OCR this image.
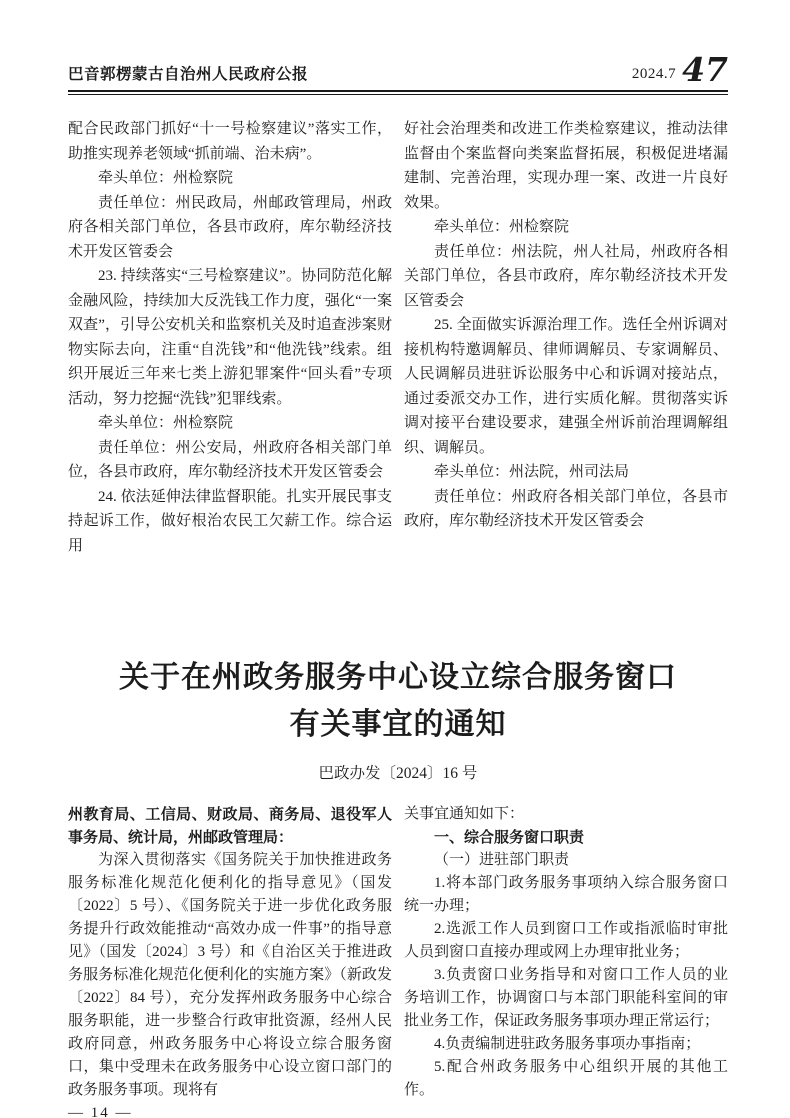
巴音郭楞蒙古自治州人民政府公报	2024.7 47

配合民政部门抓好“十一号检察建议”落实工作，助推实现养老领域“抓前端、治未病”。

牵头单位：州检察院

责任单位：州民政局，州邮政管理局，州政府各相关部门单位，各县市政府，库尔勒经济技术开发区管委会

23. 持续落实“三号检察建议”。协同防范化解金融风险，持续加大反洗钱工作力度，强化“一案双查”，引导公安机关和监察机关及时追查涉案财物实际去向，注重“自洗钱”和“他洗钱”线索。组织开展近三年来七类上游犯罪案件“回头看”专项活动，努力挖掘“洗钱”犯罪线索。

牵头单位：州检察院

责任单位：州公安局，州政府各相关部门单位，各县市政府，库尔勒经济技术开发区管委会

24. 依法延伸法律监督职能。扎实开展民事支持起诉工作，做好根治农民工欠薪工作。综合运用

好社会治理类和改进工作类检察建议，推动法律监督由个案监督向类案监督拓展，积极促进堵漏建制、完善治理，实现办理一案、改进一片良好效果。

牵头单位：州检察院

责任单位：州法院，州人社局，州政府各相关部门单位，各县市政府，库尔勒经济技术开发区管委会

25. 全面做实诉源治理工作。选任全州诉调对接机构特邀调解员、律师调解员、专家调解员、人民调解员进驻诉讼服务中心和诉调对接站点，通过委派交办工作，进行实质化解。贯彻落实诉调对接平台建设要求，建强全州诉前治理调解组织、调解员。

牵头单位：州法院，州司法局

责任单位：州政府各相关部门单位，各县市政府，库尔勒经济技术开发区管委会

关于在州政务服务中心设立综合服务窗口
有关事宜的通知
巴政办发〔2024〕16 号

州教育局、工信局、财政局、商务局、退役军人事务局、统计局，州邮政管理局：

为深入贯彻落实《国务院关于加快推进政务服务标准化规范化便利化的指导意见》（国发〔2022〕5 号）、《国务院关于进一步优化政务服务提升行政效能推动“高效办成一件事”的指导意见》（国发〔2024〕3 号）和《自治区关于推进政务服务标准化规范化便利化的实施方案》（新政发〔2022〕84 号），充分发挥州政务服务中心综合服务职能，进一步整合行政审批资源，经州人民政府同意，州政务服务中心将设立综合服务窗口，集中受理未在政务服务中心设立窗口部门的政务服务事项。现将有

关事宜通知如下：

一、综合服务窗口职责

（一）进驻部门职责

1.将本部门政务服务事项纳入综合服务窗口统一办理；

2.选派工作人员到窗口工作或指派临时审批人员到窗口直接办理或网上办理审批业务；

3.负责窗口业务指导和对窗口工作人员的业务培训工作，协调窗口与本部门职能科室间的审批业务工作，保证政务服务事项办理正常运行；

4.负责编制进驻政务服务事项办事指南；

5.配合州政务服务中心组织开展的其他工作。

— 14 —
